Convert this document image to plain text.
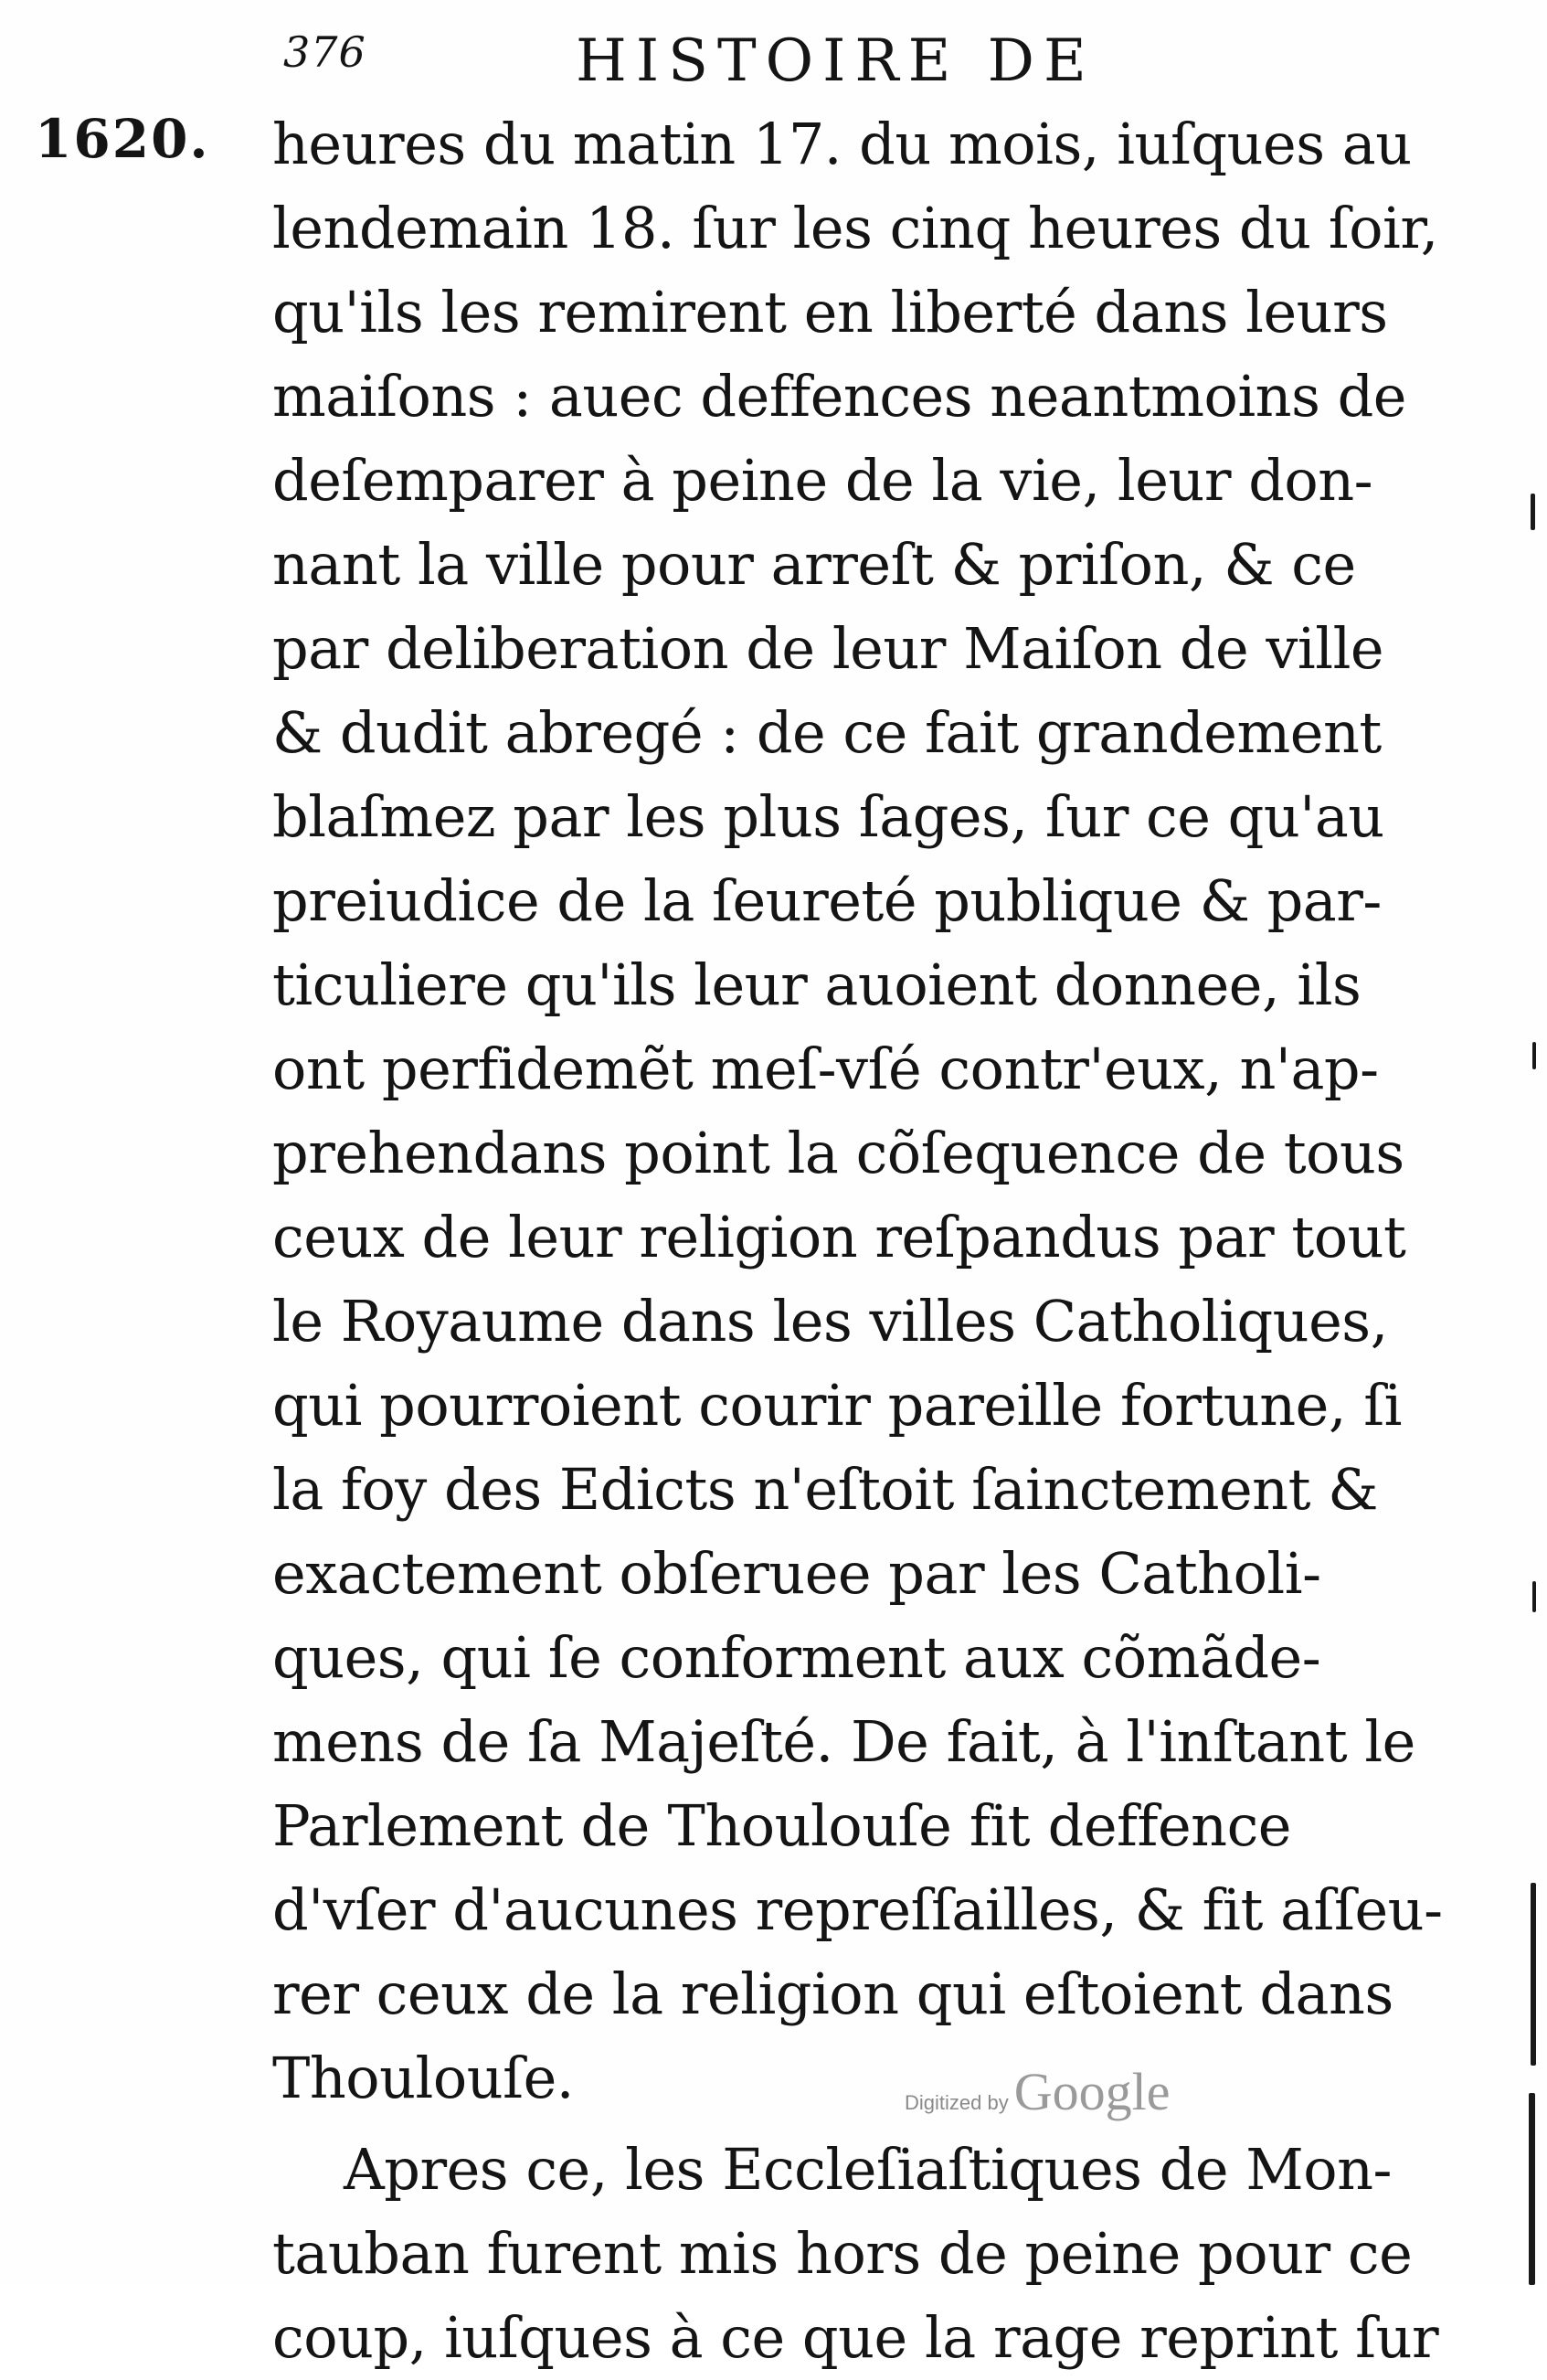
376	HISTOIRE DE
1620. heures du matin 17. du mois, iuſques au
lendemain 18. ſur les cinq heures du ſoir,
qu'ils les remirent en liberté dans leurs
maiſons : auec deffences neantmoins de
deſemparer à peine de la vie, leur don-
nant la ville pour arreſt & priſon, & ce
par deliberation de leur Maiſon de ville
& dudit abregé : de ce fait grandement
blaſmez par les plus ſages, ſur ce qu'au
preiudice de la ſeureté publique & par-
ticuliere qu'ils leur auoient donnee, ils
ont perfidemẽt meſ-vſé contr'eux, n'ap-
prehendans point la cõſequence de tous
ceux de leur religion reſpandus par tout
le Royaume dans les villes Catholiques,
qui pourroient courir pareille fortune, ſi
la foy des Edicts n'eſtoit ſainctement &
exactement obſeruee par les Catholi-
ques, qui ſe conforment aux cõmãde-
mens de ſa Majeſté. De fait, à l'inſtant le
Parlement de Thoulouſe fit deffence
d'vſer d'aucunes repreſſailles, & fit aſſeu-
rer ceux de la religion qui eſtoient dans
Thoulouſe.
Apres ce, les Eccleſiaſtiques de Mon-
tauban furent mis hors de peine pour ce
coup, iuſques à ce que la rage reprint ſur
Digitized by Google
